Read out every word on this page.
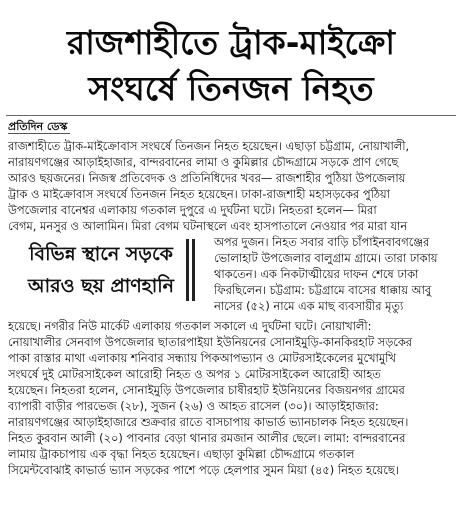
রাজশাহীতে ট্রাক-মাইক্রো
সংঘর্ষে তিনজন নিহত
প্রতিদিন ডেস্ক
রাজশাহীতে ট্রাক-মাইক্রোবাস সংঘর্ষে তিনজন নিহত হয়েছেন। এছাড়া চট্টগ্রাম, নোয়াখালী,
নারায়ণগঞ্জের আড়াইহাজার, বান্দরবানের লামা ও কুমিল্লার চৌদ্দগ্রামে সড়কে প্রাণ গেছে
আরও ছয়জনের। নিজস্ব প্রতিবেদক ও প্রতিনিধিদের খবর— রাজশাহীর পুঠিয়া উপজেলায়
ট্রাক ও মাইক্রোবাস সংঘর্ষে তিনজন নিহত হয়েছেন। ঢাকা-রাজশাহী মহাসড়কের পুঠিয়া
উপজেলার বানেশ্বর এলাকায় গতকাল দুপুরে এ দুর্ঘটনা ঘটে। নিহতরা হলেন— মিরা
বেগম, মনসুর ও আলামিন। মিরা বেগম ঘটনাস্থলে এবং হাসপাতালে নেওয়ার পর মারা যান
অপর দুজন। নিহত সবার বাড়ি চাঁপাইনবাবগঞ্জের
ভোলাহাট উপজেলার বালুগ্রাম গ্রামে। তারা ঢাকায়
থাকতেন। এক নিকটাত্মীয়ের দাফন শেষে ঢাকা
ফিরছিলেন। চট্টগ্রাম: চট্টগ্রামে বাসের ধাক্কায় আবু
নাসের (৫২) নামে এক মাছ ব্যবসায়ীর মৃত্যু
হয়েছে। নগরীর নিউ মার্কেট এলাকায় গতকাল সকালে এ দুর্ঘটনা ঘটে। নোয়াখালী:
নোয়াখালীর সেনবাগ উপজেলার ছাতারপাইয়া ইউনিয়নের সোনাইমুড়ি-কানকিরহাট সড়কের
পাকা রাস্তার মাথা এলাকায় শনিবার সন্ধ্যায় পিকআপভ্যান ও মোটরসাইকেলের মুখোমুখি
সংঘর্ষে দুই মোটরসাইকেল আরোহী নিহত ও অপর ১ মোটরসাইকেল আরোহী আহত
হয়েছেন। নিহতরা হলেন, সোনাইমুড়ি উপজেলার চাষীরহাট ইউনিয়নের বিজয়নগর গ্রামের
ব্যাপারী বাড়ীর পারভেজ (২৮), সুজন (২৬) ও আহত রাসেল (৩০)। আড়াইহাজার:
নারায়ণগঞ্জের আড়াইহাজারে শুক্রবার রাতে বাসচাপায় কাভার্ড ভ্যানচালক নিহত হয়েছেন।
নিহত কুরবান আলী (২০) পাবনার বেড়া থানার রমজান আলীর ছেলে। লামা: বান্দরবানের
লামায় ট্রাকচাপায় এক বৃদ্ধা নিহত হয়েছেন। এছাড়া কুমিল্লা চৌদ্দগ্রামে গতকাল
সিমেন্টবোঝাই কাভার্ড ভ্যান সড়কের পাশে পড়ে হেলপার সুমন মিয়া (৪৫) নিহত হয়েছে।
বিভিন্ন স্থানে সড়কে
আরও ছয় প্রাণহানি
